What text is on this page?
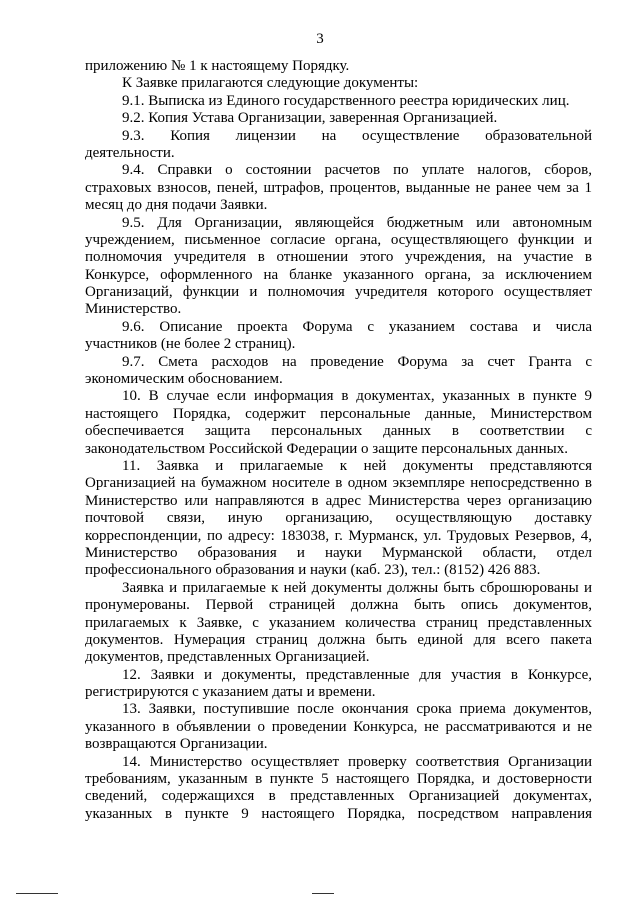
3
приложению № 1 к настоящему Порядку.
К Заявке прилагаются следующие документы:
9.1. Выписка из Единого государственного реестра юридических лиц.
9.2. Копия Устава Организации, заверенная Организацией.
9.3. Копия лицензии на осуществление образовательной
деятельности.
9.4. Справки о состоянии расчетов по уплате налогов, сборов,
страховых взносов, пеней, штрафов, процентов, выданные не ранее чем за 1
месяц до дня подачи Заявки.
9.5. Для Организации, являющейся бюджетным или автономным
учреждением, письменное согласие органа, осуществляющего функции и
полномочия учредителя в отношении этого учреждения, на участие в
Конкурсе, оформленного на бланке указанного органа, за исключением
Организаций, функции и полномочия учредителя которого осуществляет
Министерство.
9.6. Описание проекта Форума с указанием состава и числа
участников (не более 2 страниц).
9.7. Смета расходов на проведение Форума за счет Гранта с
экономическим обоснованием.
10. В случае если информация в документах, указанных в пункте 9
настоящего Порядка, содержит персональные данные, Министерством
обеспечивается защита персональных данных в соответствии с
законодательством Российской Федерации о защите персональных данных.
11. Заявка и прилагаемые к ней документы представляются
Организацией на бумажном носителе в одном экземпляре непосредственно в
Министерство или направляются в адрес Министерства через организацию
почтовой связи, иную организацию, осуществляющую доставку
корреспонденции, по адресу: 183038, г. Мурманск, ул. Трудовых Резервов, 4,
Министерство образования и науки Мурманской области, отдел
профессионального образования и науки (каб. 23), тел.: (8152) 426 883.
Заявка и прилагаемые к ней документы должны быть сброшюрованы и
пронумерованы. Первой страницей должна быть опись документов,
прилагаемых к Заявке, с указанием количества страниц представленных
документов. Нумерация страниц должна быть единой для всего пакета
документов, представленных Организацией.
12. Заявки и документы, представленные для участия в Конкурсе,
регистрируются с указанием даты и времени.
13. Заявки, поступившие после окончания срока приема документов,
указанного в объявлении о проведении Конкурса, не рассматриваются и не
возвращаются Организации.
14. Министерство осуществляет проверку соответствия Организации
требованиям, указанным в пункте 5 настоящего Порядка, и достоверности
сведений, содержащихся в представленных Организацией документах,
указанных в пункте 9 настоящего Порядка, посредством направления
